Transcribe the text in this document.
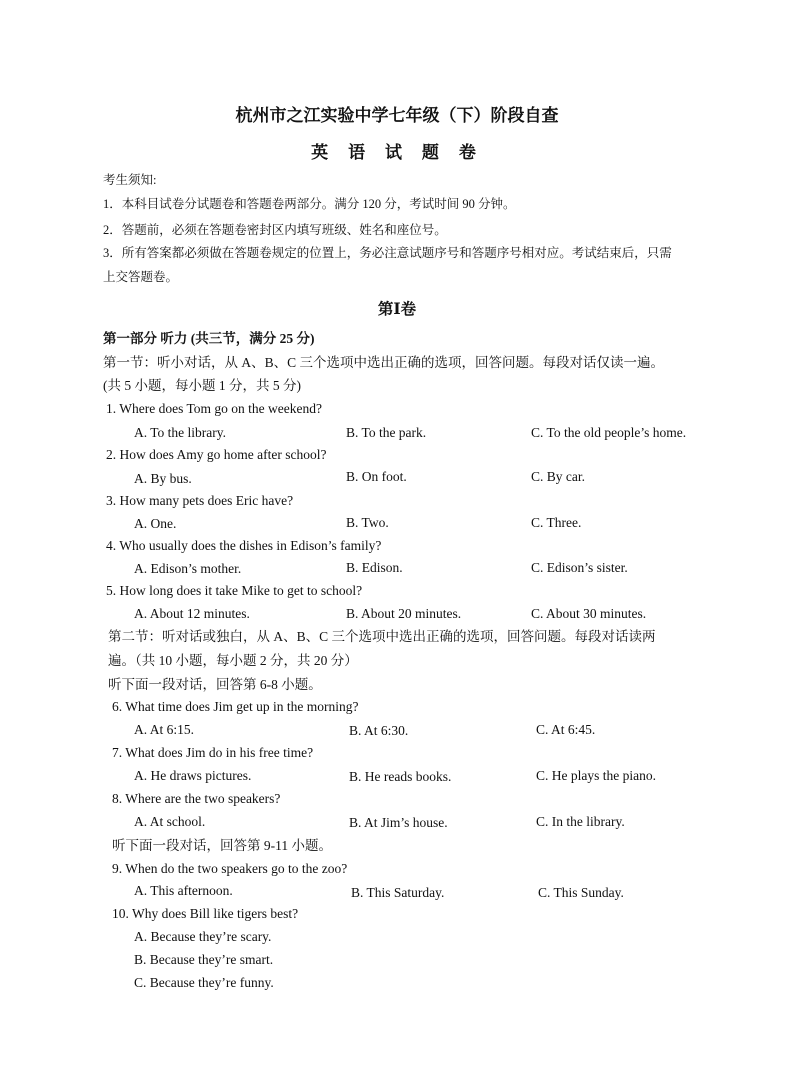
杭州市之江实验中学七年级（下）阶段自查
英 语 试 题 卷
考生须知:
1．本科目试卷分试题卷和答题卷两部分。满分 120 分，考试时间 90 分钟。
2．答题前，必须在答题卷密封区内填写班级、姓名和座位号。
3．所有答案都必须做在答题卷规定的位置上，务必注意试题序号和答题序号相对应。考试结束后，只需
上交答题卷。
第Ⅰ卷
第一部分 听力 (共三节，满分 25 分)
第一节：听小对话，从 A、B、C 三个选项中选出正确的选项，回答问题。每段对话仅读一遍。
(共 5 小题，每小题 1 分，共 5 分)
1. Where does Tom go on the weekend?
A. To the library.	B. To the park.	C. To the old people’s home.
2. How does Amy go home after school?
A. By bus.	B. On foot.	C. By car.
3. How many pets does Eric have?
A. One.	B. Two.	C. Three.
4. Who usually does the dishes in Edison’s family?
A. Edison’s mother.	B. Edison.	C. Edison’s sister.
5. How long does it take Mike to get to school?
A. About 12 minutes.	B. About 20 minutes.	C. About 30 minutes.
第二节：听对话或独白，从 A、B、C 三个选项中选出正确的选项，回答问题。每段对话读两
遍。（共 10 小题，每小题 2 分，共 20 分）
听下面一段对话，回答第 6-8 小题。
6. What time does Jim get up in the morning?
A. At 6:15.	B. At 6:30.	C. At 6:45.
7. What does Jim do in his free time?
A. He draws pictures.	B. He reads books.	C. He plays the piano.
8. Where are the two speakers?
A. At school.	B. At Jim’s house.	C. In the library.
听下面一段对话，回答第 9-11 小题。
9. When do the two speakers go to the zoo?
A. This afternoon.	B. This Saturday.	C. This Sunday.
10. Why does Bill like tigers best?
A. Because they’re scary.
B. Because they’re smart.
C. Because they’re funny.
